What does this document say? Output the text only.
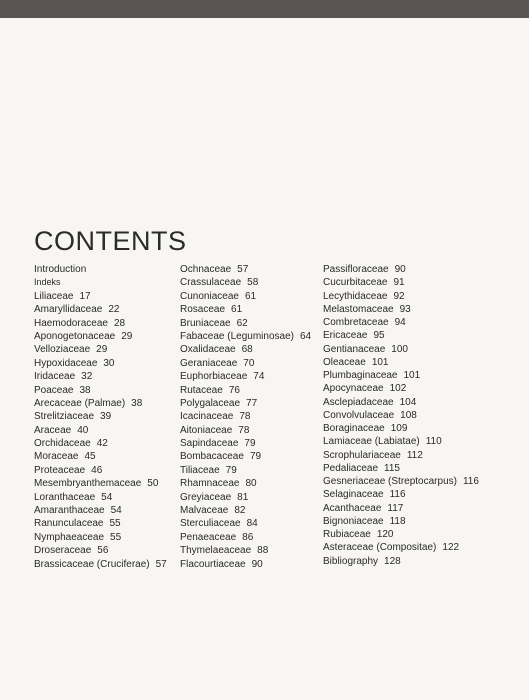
CONTENTS
Introduction
Indeks
Liliaceae 17
Amaryllidaceae 22
Haemodoraceae 28
Aponogetonaceae 29
Velloziaceae 29
Hypoxidaceae 30
Iridaceae 32
Poaceae 38
Arecaceae (Palmae) 38
Strelitziaceae 39
Araceae 40
Orchidaceae 42
Moraceae 45
Proteaceae 46
Mesembryanthemaceae 50
Loranthaceae 54
Amaranthaceae 54
Ranunculaceae 55
Nymphaeaceae 55
Droseraceae 56
Brassicaceae (Cruciferae) 57
Ochnaceae 57
Crassulaceae 58
Cunoniaceae 61
Rosaceae 61
Bruniaceae 62
Fabaceae (Leguminosae) 64
Oxalidaceae 68
Geraniaceae 70
Euphorbiaceae 74
Rutaceae 76
Polygalaceae 77
Icacinaceae 78
Aitoniaceae 78
Sapindaceae 79
Bombacaceae 79
Tiliaceae 79
Rhamnaceae 80
Greyiaceae 81
Malvaceae 82
Sterculiaceae 84
Penaeaceae 86
Thymelaeaceae 88
Flacourtiaceae 90
Passifloraceae 90
Cucurbitaceae 91
Lecythidaceae 92
Melastomaceae 93
Combretaceae 94
Ericaceae 95
Gentianaceae 100
Oleaceae 101
Plumbaginaceae 101
Apocynaceae 102
Asclepiadaceae 104
Convolvulaceae 108
Boraginaceae 109
Lamiaceae (Labiatae) 110
Scrophulariaceae 112
Pedaliaceae 115
Gesneriaceae (Streptocarpus) 116
Selaginaceae 116
Acanthaceae 117
Bignoniaceae 118
Rubiaceae 120
Asteraceae (Compositae) 122
Bibliography 128
